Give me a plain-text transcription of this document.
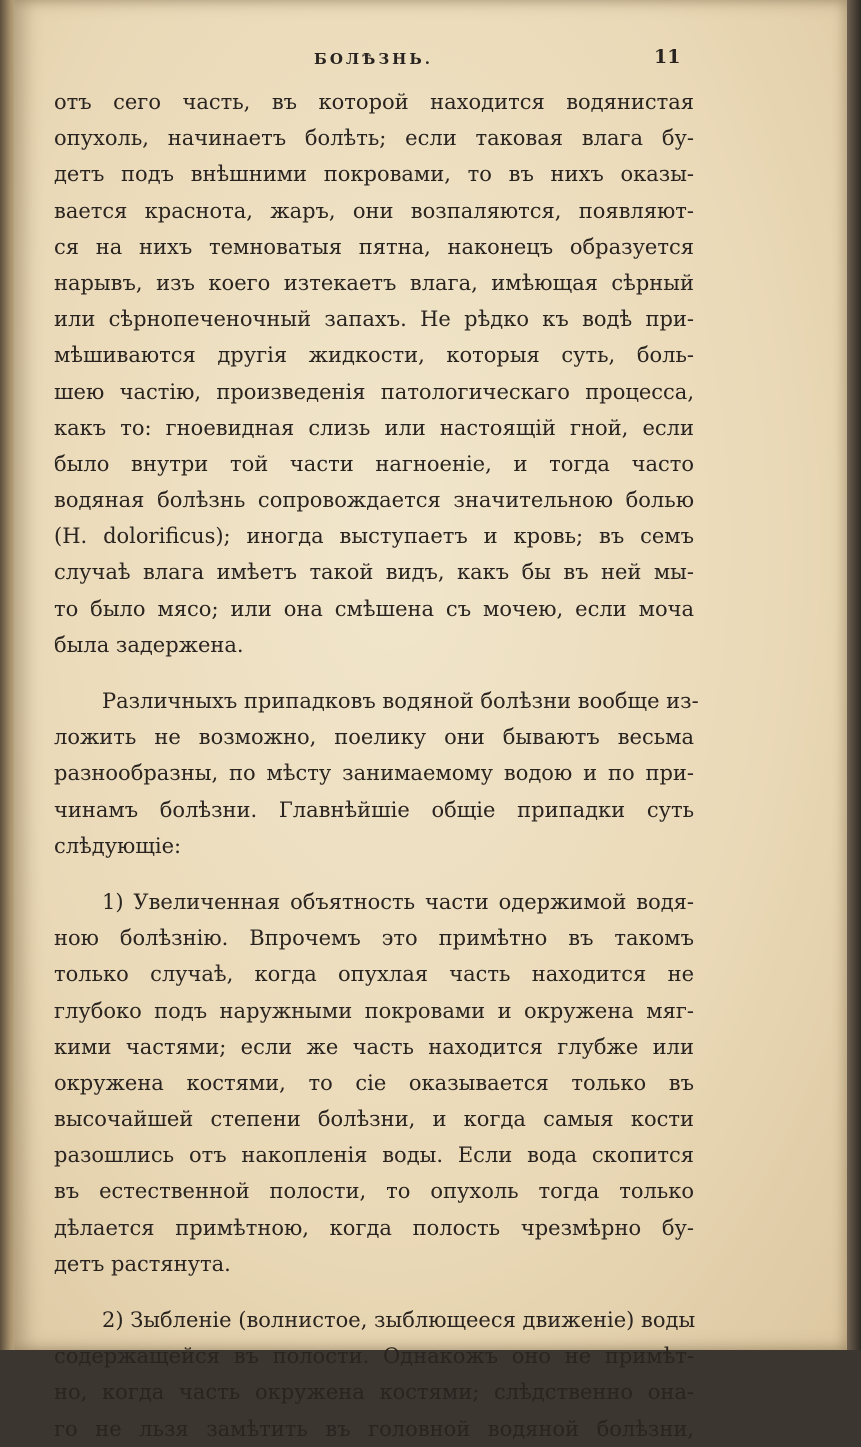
БОЛѢЗНЬ.	11
отъ сего часть, въ которой находится водянистая
опухоль, начинаетъ болѣть; если таковая влага бу-
детъ подъ внѣшними покровами, то въ нихъ оказы-
вается краснота, жаръ, они возпаляются, появляют-
ся на нихъ темноватыя пятна, наконецъ образуется
нарывъ, изъ коего изтекаетъ влага, имѣющая сѣрный
или сѣрнопеченочный запахъ. Не рѣдко къ водѣ при-
мѣшиваются другія жидкости, которыя суть, боль-
шею частію, произведенія патологическаго процесса,
какъ то: гноевидная слизь или настоящій гной, если
было внутри той части нагноеніе, и тогда часто
водяная болѣзнь сопровождается значительною болью
(H. dolorificus); иногда выступаетъ и кровь; въ семъ
случаѣ влага имѣетъ такой видъ, какъ бы въ ней мы-
то было мясо; или она смѣшена съ мочею, если моча
была задержена.
Различныхъ припадковъ водяной болѣзни вообще из-
ложить не возможно, поелику они бываютъ весьма
разнообразны, по мѣсту занимаемому водою и по при-
чинамъ болѣзни. Главнѣйшіе общіе припадки суть
слѣдующіе:
1) Увеличенная объятность части одержимой водя-
ною болѣзнію. Впрочемъ это примѣтно въ такомъ
только случаѣ, когда опухлая часть находится не
глубоко подъ наружными покровами и окружена мяг-
кими частями; если же часть находится глубже или
окружена костями, то сіе оказывается только въ
высочайшей степени болѣзни, и когда самыя кости
разошлись отъ накопленія воды. Если вода скопится
въ естественной полости, то опухоль тогда только
дѣлается примѣтною, когда полость чрезмѣрно бу-
детъ растянута.
2) Зыбленіе (волнистое, зыблющееся движеніе) воды
содержащейся въ полости. Однакожъ оно не примѣт-
но, когда часть окружена костями; слѣдственно она-
го не льзя замѣтить въ головной водяной болѣзни,
